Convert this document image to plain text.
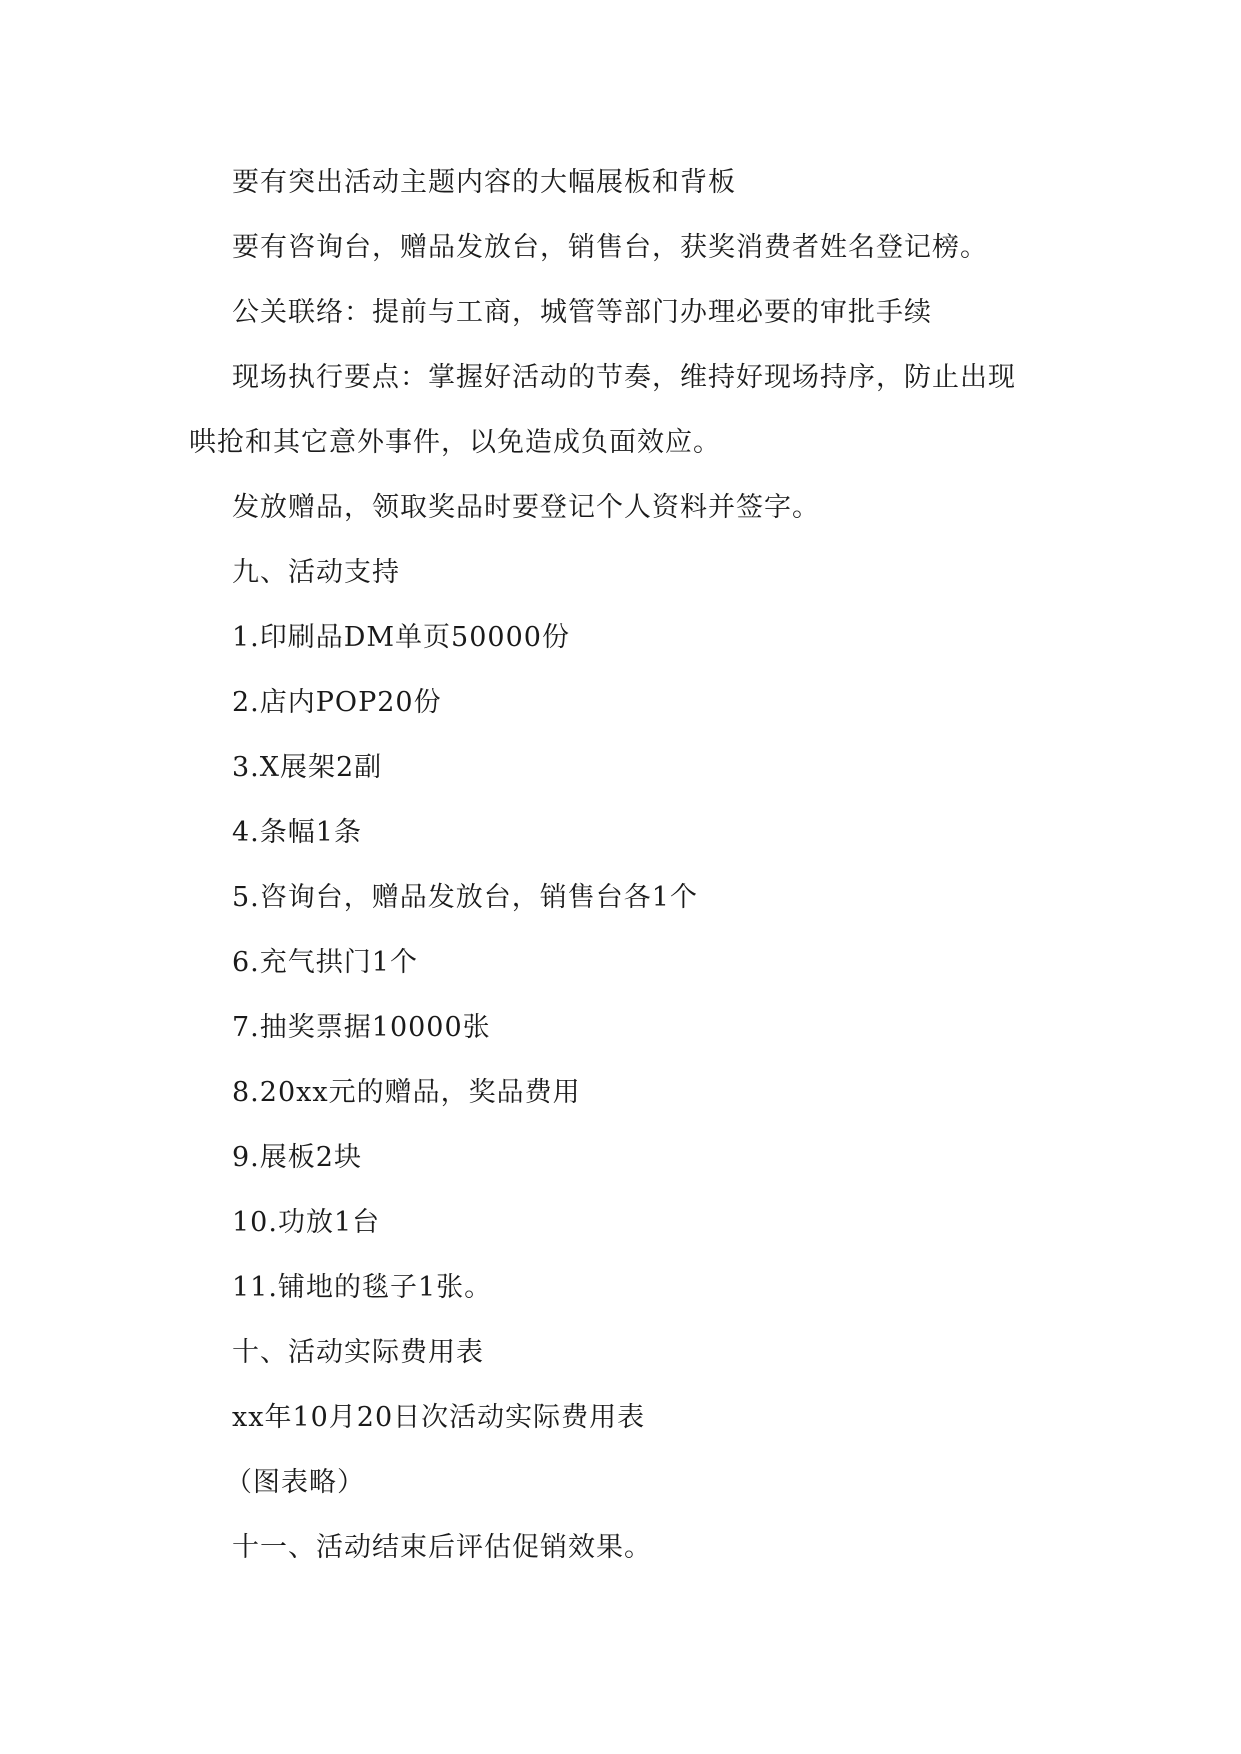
要有突出活动主题内容的大幅展板和背板

要有咨询台，赠品发放台，销售台，获奖消费者姓名登记榜。

公关联络：提前与工商，城管等部门办理必要的审批手续

现场执行要点：掌握好活动的节奏，维持好现场持序，防止出现

哄抢和其它意外事件，以免造成负面效应。

发放赠品，领取奖品时要登记个人资料并签字。

九、活动支持

1.印刷品DM单页50000份

2.店内POP20份

3.X展架2副

4.条幅1条

5.咨询台，赠品发放台，销售台各1个

6.充气拱门1个

7.抽奖票据10000张

8.20xx元的赠品，奖品费用

9.展板2块

10.功放1台

11.铺地的毯子1张。

十、活动实际费用表

xx年10月20日次活动实际费用表

（图表略）

十一、活动结束后评估促销效果。
